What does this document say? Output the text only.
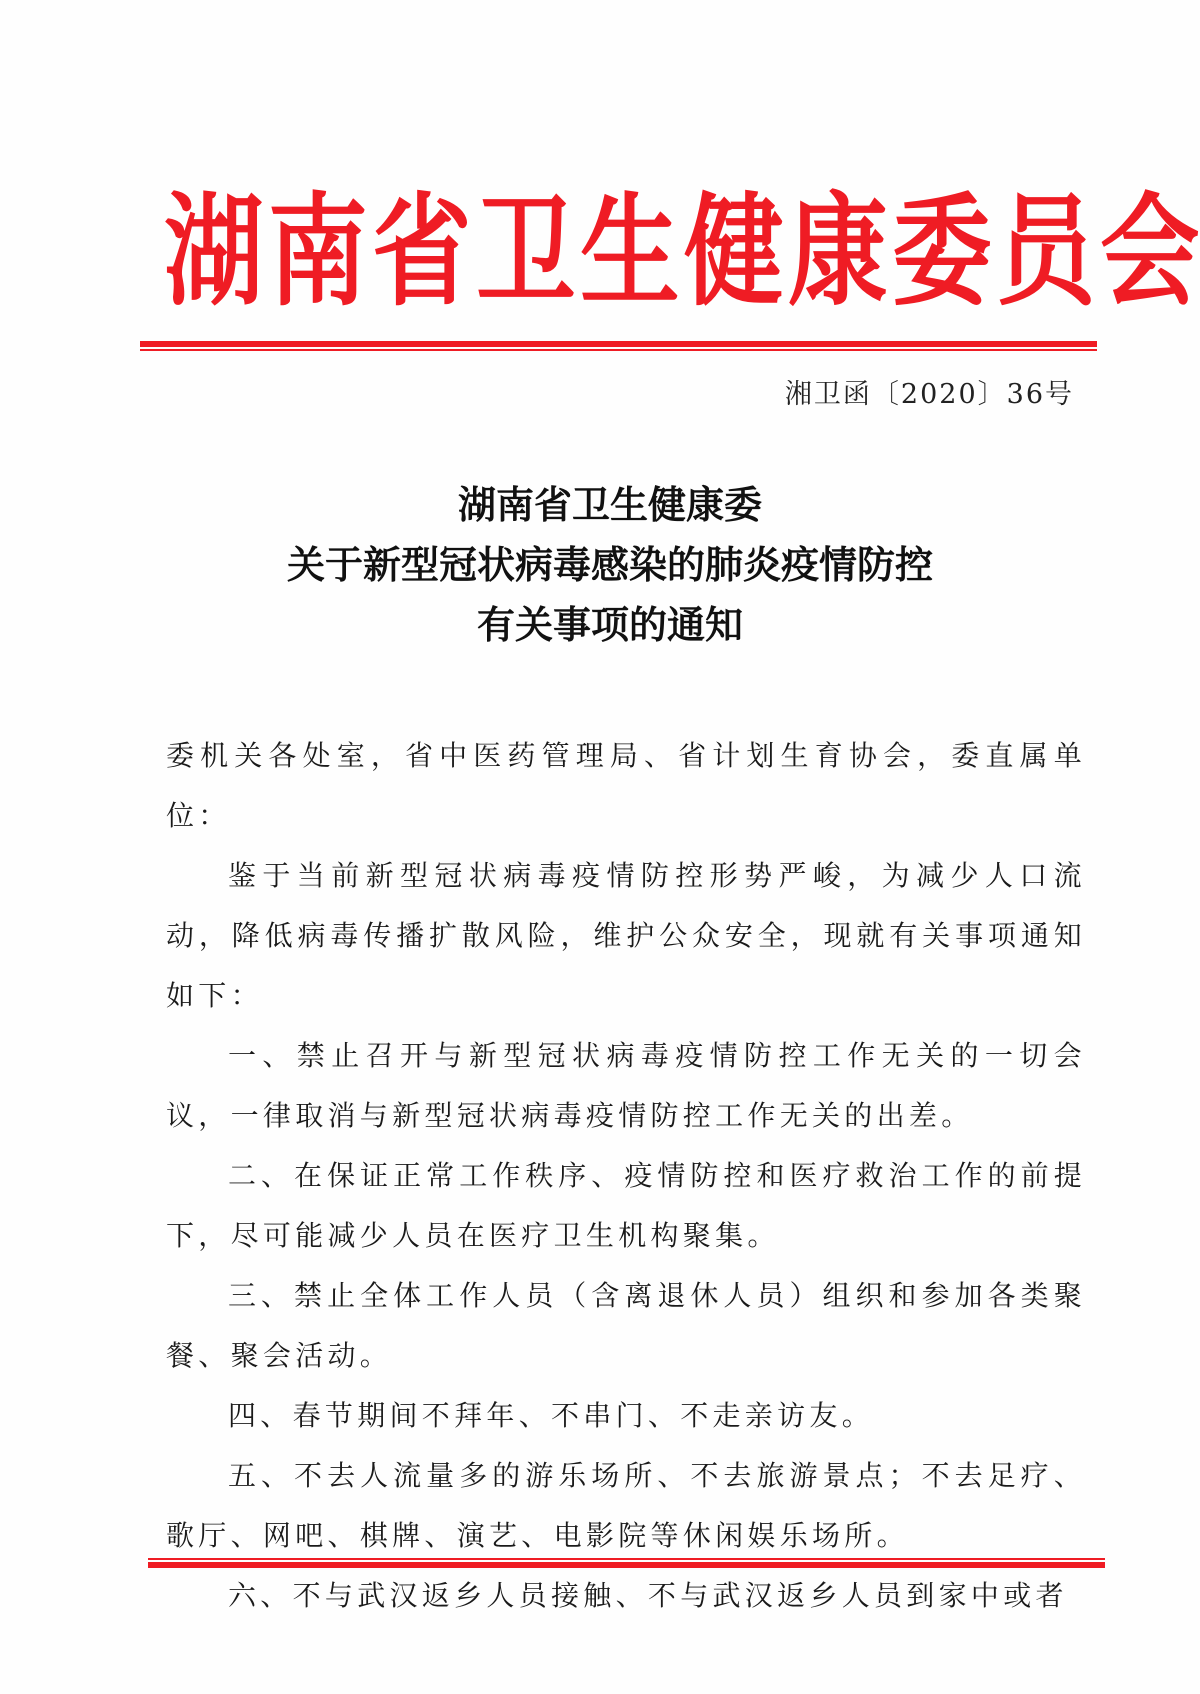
湖 南 省 卫 生 健 康 委 员 会
湘卫函〔2020〕36号
湖南省卫生健康委
关于新型冠状病毒感染的肺炎疫情防控
有关事项的通知

委机关各处室，省中医药管理局、省计划生育协会，委直属单位：

鉴于当前新型冠状病毒疫情防控形势严峻，为减少人口流动，降低病毒传播扩散风险，维护公众安全，现就有关事项通知如下：

一、禁止召开与新型冠状病毒疫情防控工作无关的一切会议，一律取消与新型冠状病毒疫情防控工作无关的出差。

二、在保证正常工作秩序、疫情防控和医疗救治工作的前提下，尽可能减少人员在医疗卫生机构聚集。

三、禁止全体工作人员（含离退休人员）组织和参加各类聚餐、聚会活动。

四、春节期间不拜年、不串门、不走亲访友。

五、不去人流量多的游乐场所、不去旅游景点；不去足疗、歌厅、网吧、棋牌、演艺、电影院等休闲娱乐场所。

六、不与武汉返乡人员接触、不与武汉返乡人员到家中或者
